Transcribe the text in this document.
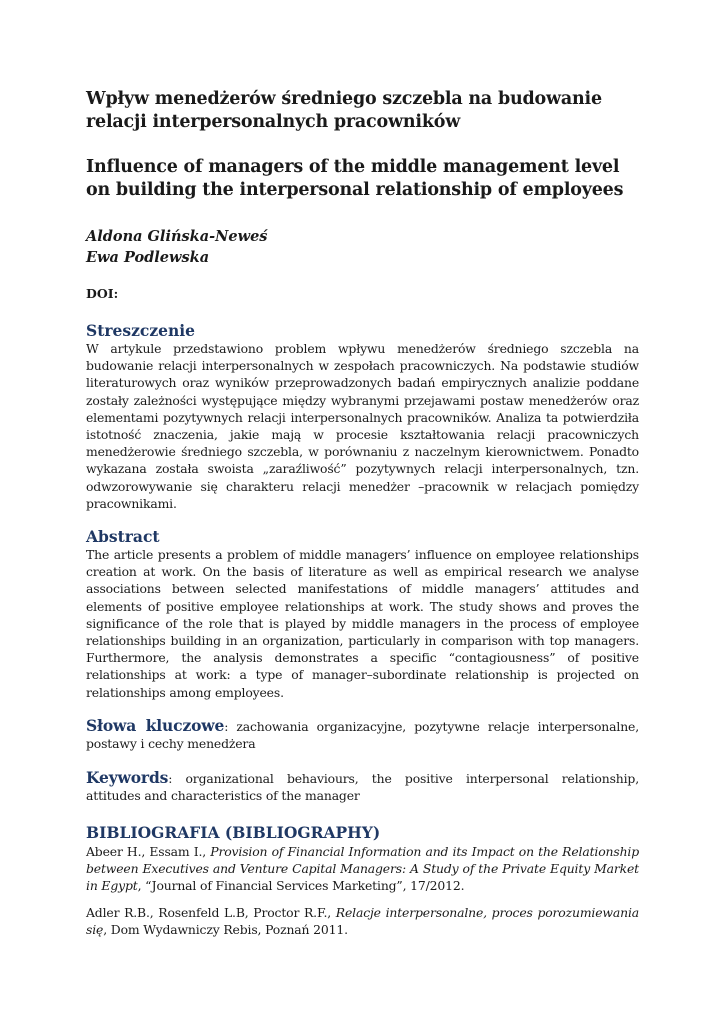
Wpływ menedżerów średniego szczebla na budowanie relacji interpersonalnych pracowników
Influence of managers of the middle management level on building the interpersonal relationship of employees

Aldona Glińska-Neweś

Ewa Podlewska

DOI:
Streszczenie

W artykule przedstawiono problem wpływu menedżerów średniego szczebla na budowanie relacji interpersonalnych w zespołach pracowniczych. Na podstawie studiów literaturowych oraz wyników przeprowadzonych badań empirycznych analizie poddane zostały zależności występujące między wybranymi przejawami postaw menedżerów oraz elementami pozytywnych relacji interpersonalnych pracowników. Analiza ta potwierdziła istotność znaczenia, jakie mają w procesie kształtowania relacji pracowniczych menedżerowie średniego szczebla, w porównaniu z naczelnym kierownictwem. Ponadto wykazana została swoista „zaraźliwość” pozytywnych relacji interpersonalnych, tzn. odwzorowywanie się charakteru relacji menedżer –pracownik w relacjach pomiędzy pracownikami.

Abstract

The article presents a problem of middle managers’ influence on employee relationships creation at work. On the basis of literature as well as empirical research we analyse associations between selected manifestations of middle managers’ attitudes and elements of positive employee relationships at work. The study shows and proves the significance of the role that is played by middle managers in the process of employee relationships building in an organization, particularly in comparison with top managers. Furthermore, the analysis demonstrates a specific “contagiousness” of positive relationships at work: a type of manager–subordinate relationship is projected on relationships among employees.

Słowa kluczowe: zachowania organizacyjne, pozytywne relacje interpersonalne, postawy i cechy menedżera

Keywords: organizational behaviours, the positive interpersonal relationship, attitudes and characteristics of the manager

BIBLIOGRAFIA (BIBLIOGRAPHY)

Abeer H., Essam I., Provision of Financial Information and its Impact on the Relationship between Executives and Venture Capital Managers: A Study of the Private Equity Market in Egypt, “Journal of Financial Services Marketing”, 17/2012.

Adler R.B., Rosenfeld L.B, Proctor R.F., Relacje interpersonalne, proces porozumiewania się, Dom Wydawniczy Rebis, Poznań 2011.
